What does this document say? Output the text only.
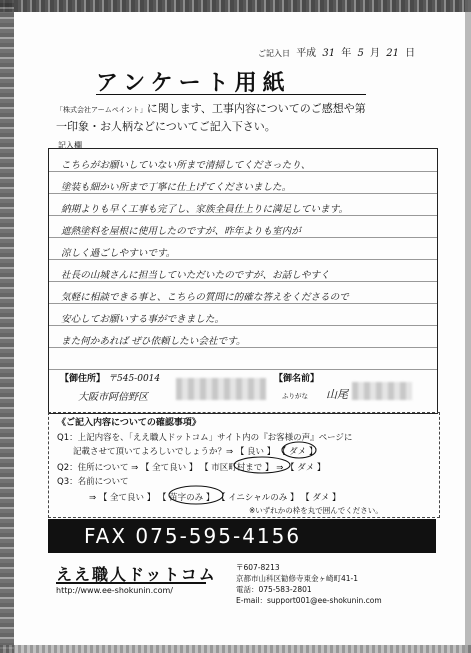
ご記入日 平成 31 年 5 月 21 日
アンケート用紙
「株式会社アームペイント」に関します、工事内容についてのご感想や第
一印象・お人柄などについてご記入下さい。
記入欄
こちらがお願いしていない所まで清掃してくださったり、
塗装も細かい所まで丁寧に仕上げてくださいました。
納期よりも早く工事も完了し、家族全員仕上りに満足しています。
遮熱塗料を屋根に使用したのですが、昨年よりも室内が
涼しく過ごしやすいです。
社長の山城さんに担当していただいたのですが、お話しやすく
気軽に相談できる事と、こちらの質問に的確な答えをくださるので
安心してお願いする事ができました。
また何かあれば ぜひ依頼したい会社です。
【御住所】 〒545-0014
大阪市阿倍野区
【御名前】
ふりがな 山尾
《ご記入内容についての確認事項》
Q1：上記内容を、「ええ職人ドットコム」サイト内の『お客様の声』ページに
記載させて頂いてよろしいでしょうか？⇒ 【 良い 】 【 ダメ 】
Q2：住所について ⇒ 【 全て良い 】 【 市区町村まで 】 ⇒ 【 ダメ 】
Q3：名前について
⇒ 【 全て良い 】 【 苗字のみ 】 【 イニシャルのみ 】 【 ダメ 】
※いずれかの枠を丸で囲んでください。
FAX 075-595-4156
ええ職人ドットコム
http://www.ee-shokunin.com/
〒607-8213
京都市山科区勧修寺東金ヶ崎町41-1
電話：075-583-2801
E-mail：support001@ee-shokunin.com
